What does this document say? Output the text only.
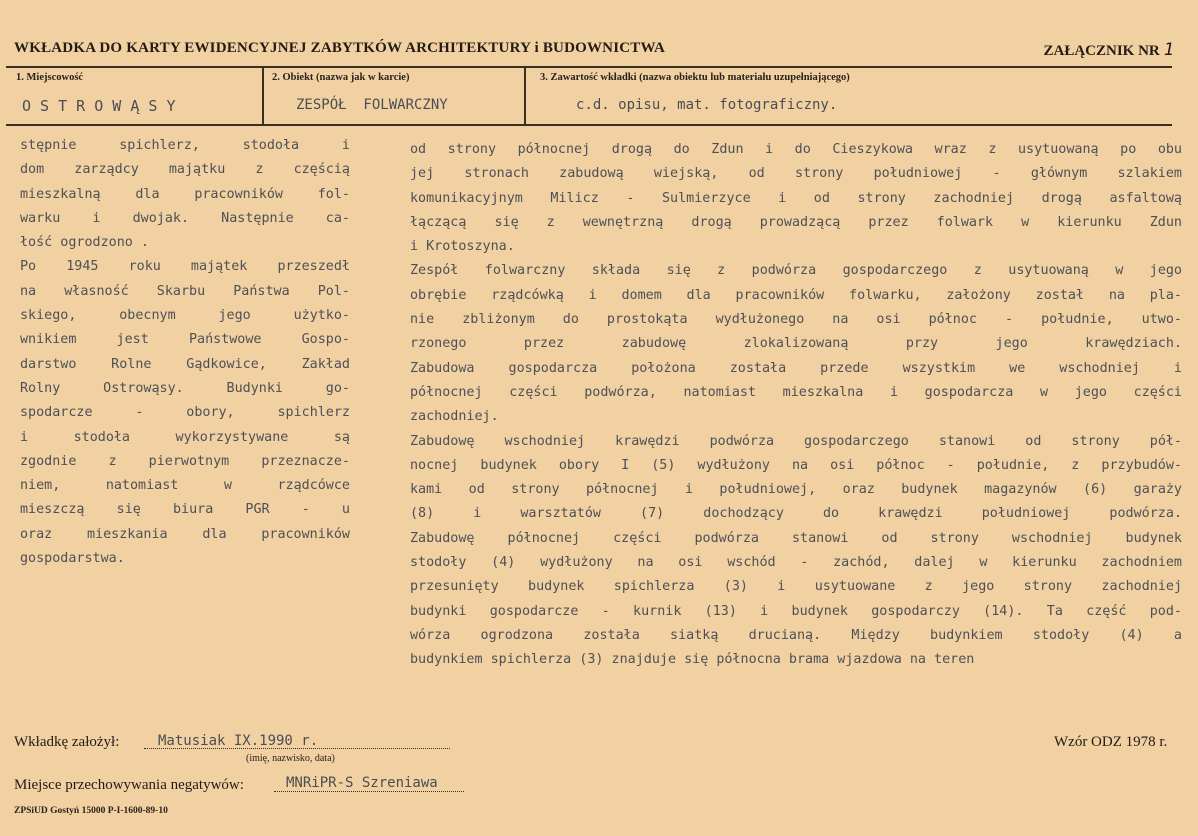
WKŁADKA DO KARTY EWIDENCYJNEJ ZABYTKÓW ARCHITEKTURY i BUDOWNICTWA	ZAŁĄCZNIK NR 1
1. Miejscowość
O S T R O W Ą S Y
2. Obiekt (nazwa jak w karcie)
ZESPÓŁ  FOLWARCZNY
3. Zawartość wkładki (nazwa obiektu lub materiału uzupełniającego)
c.d. opisu, mat. fotograficzny.
stępnie spichlerz, stodoła i
dom zarządcy majątku z częścią
mieszkalną dla pracowników fol-
warku i dwojak. Następnie ca-
łość ogrodzono .
Po 1945 roku majątek przeszedł
na własność Skarbu Państwa Pol-
skiego, obecnym jego użytko-
wnikiem jest Państwowe Gospo-
darstwo Rolne Gądkowice, Zakład
Rolny Ostrowąsy. Budynki go-
spodarcze - obory, spichlerz
i stodoła wykorzystywane są
zgodnie z pierwotnym przeznacze-
niem, natomiast w rządcówce
mieszczą się biura PGR - u
oraz mieszkania dla pracowników
gospodarstwa.
od strony północnej drogą do Zdun i do Cieszykowa wraz z usytuowaną po obu
jej stronach zabudową wiejską, od strony południowej - głównym szlakiem
komunikacyjnym Milicz - Sulmierzyce i od strony zachodniej drogą asfaltową
łączącą się z wewnętrzną drogą prowadzącą przez folwark w kierunku Zdun
i Krotoszyna.
Zespół folwarczny składa się z podwórza gospodarczego z usytuowaną w jego
obrębie rządcówką i domem dla pracowników folwarku, założony został na pla-
nie zbliżonym do prostokąta wydłużonego na osi północ - południe, utwo-
rzonego przez zabudowę zlokalizowaną przy jego krawędziach.
Zabudowa gospodarcza położona została przede wszystkim we wschodniej i
północnej części podwórza, natomiast mieszkalna i gospodarcza w jego części
zachodniej.
Zabudowę wschodniej krawędzi podwórza gospodarczego stanowi od strony pół-
nocnej budynek obory I (5) wydłużony na osi północ - południe, z przybudów-
kami od strony północnej i południowej, oraz budynek magazynów (6) garaży
(8) i warsztatów (7) dochodzący do krawędzi południowej podwórza.
Zabudowę północnej części podwórza stanowi od strony wschodniej budynek
stodoły (4) wydłużony na osi wschód - zachód, dalej w kierunku zachodniem
przesunięty budynek spichlerza (3) i usytuowane z jego strony zachodniej
budynki gospodarcze - kurnik (13) i budynek gospodarczy (14). Ta część pod-
wórza ogrodzona została siatką drucianą. Między budynkiem stodoły (4) a
budynkiem spichlerza (3) znajduje się północna brama wjazdowa na teren
Wkładkę założył:	Matusiak IX.1990 r.
(imię, nazwisko, data)
Wzór ODZ 1978 r.
Miejsce przechowywania negatywów:	MNRiPR-S Szreniawa
ZPSiUD Gostyń 15000 P-I-1600-89-10
